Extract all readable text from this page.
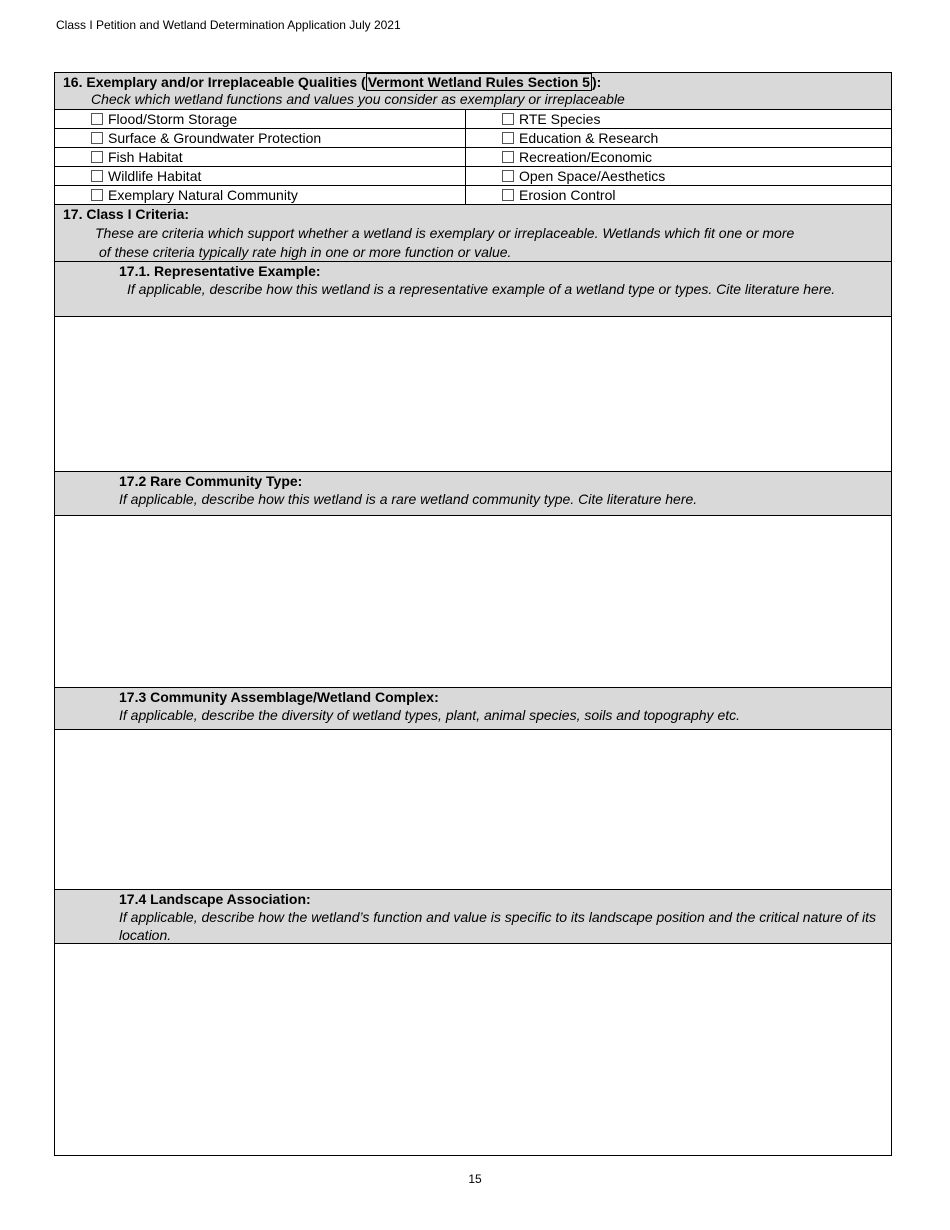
Class I Petition and Wetland Determination Application July 2021
16. Exemplary and/or Irreplaceable Qualities ( Vermont Wetland Rules Section 5 ):
Check which wetland functions and values you consider as exemplary or irreplaceable
Flood/Storm Storage	RTE Species
Surface & Groundwater Protection	Education & Research
Fish Habitat	Recreation/Economic
Wildlife Habitat	Open Space/Aesthetics
Exemplary Natural Community	Erosion Control
17. Class I Criteria:
These are criteria which support whether a wetland is exemplary or irreplaceable. Wetlands which fit one or more
of these criteria typically rate high in one or more function or value.
17.1. Representative Example:
If applicable, describe how this wetland is a representative example of a wetland type or types. Cite literature here.
17.2 Rare Community Type:
If applicable, describe how this wetland is a rare wetland community type. Cite literature here.
17.3 Community Assemblage/Wetland Complex:
If applicable, describe the diversity of wetland types, plant, animal species, soils and topography etc.
17.4 Landscape Association:
If applicable, describe how the wetland’s function and value is specific to its landscape position and the critical nature of its location.
15
